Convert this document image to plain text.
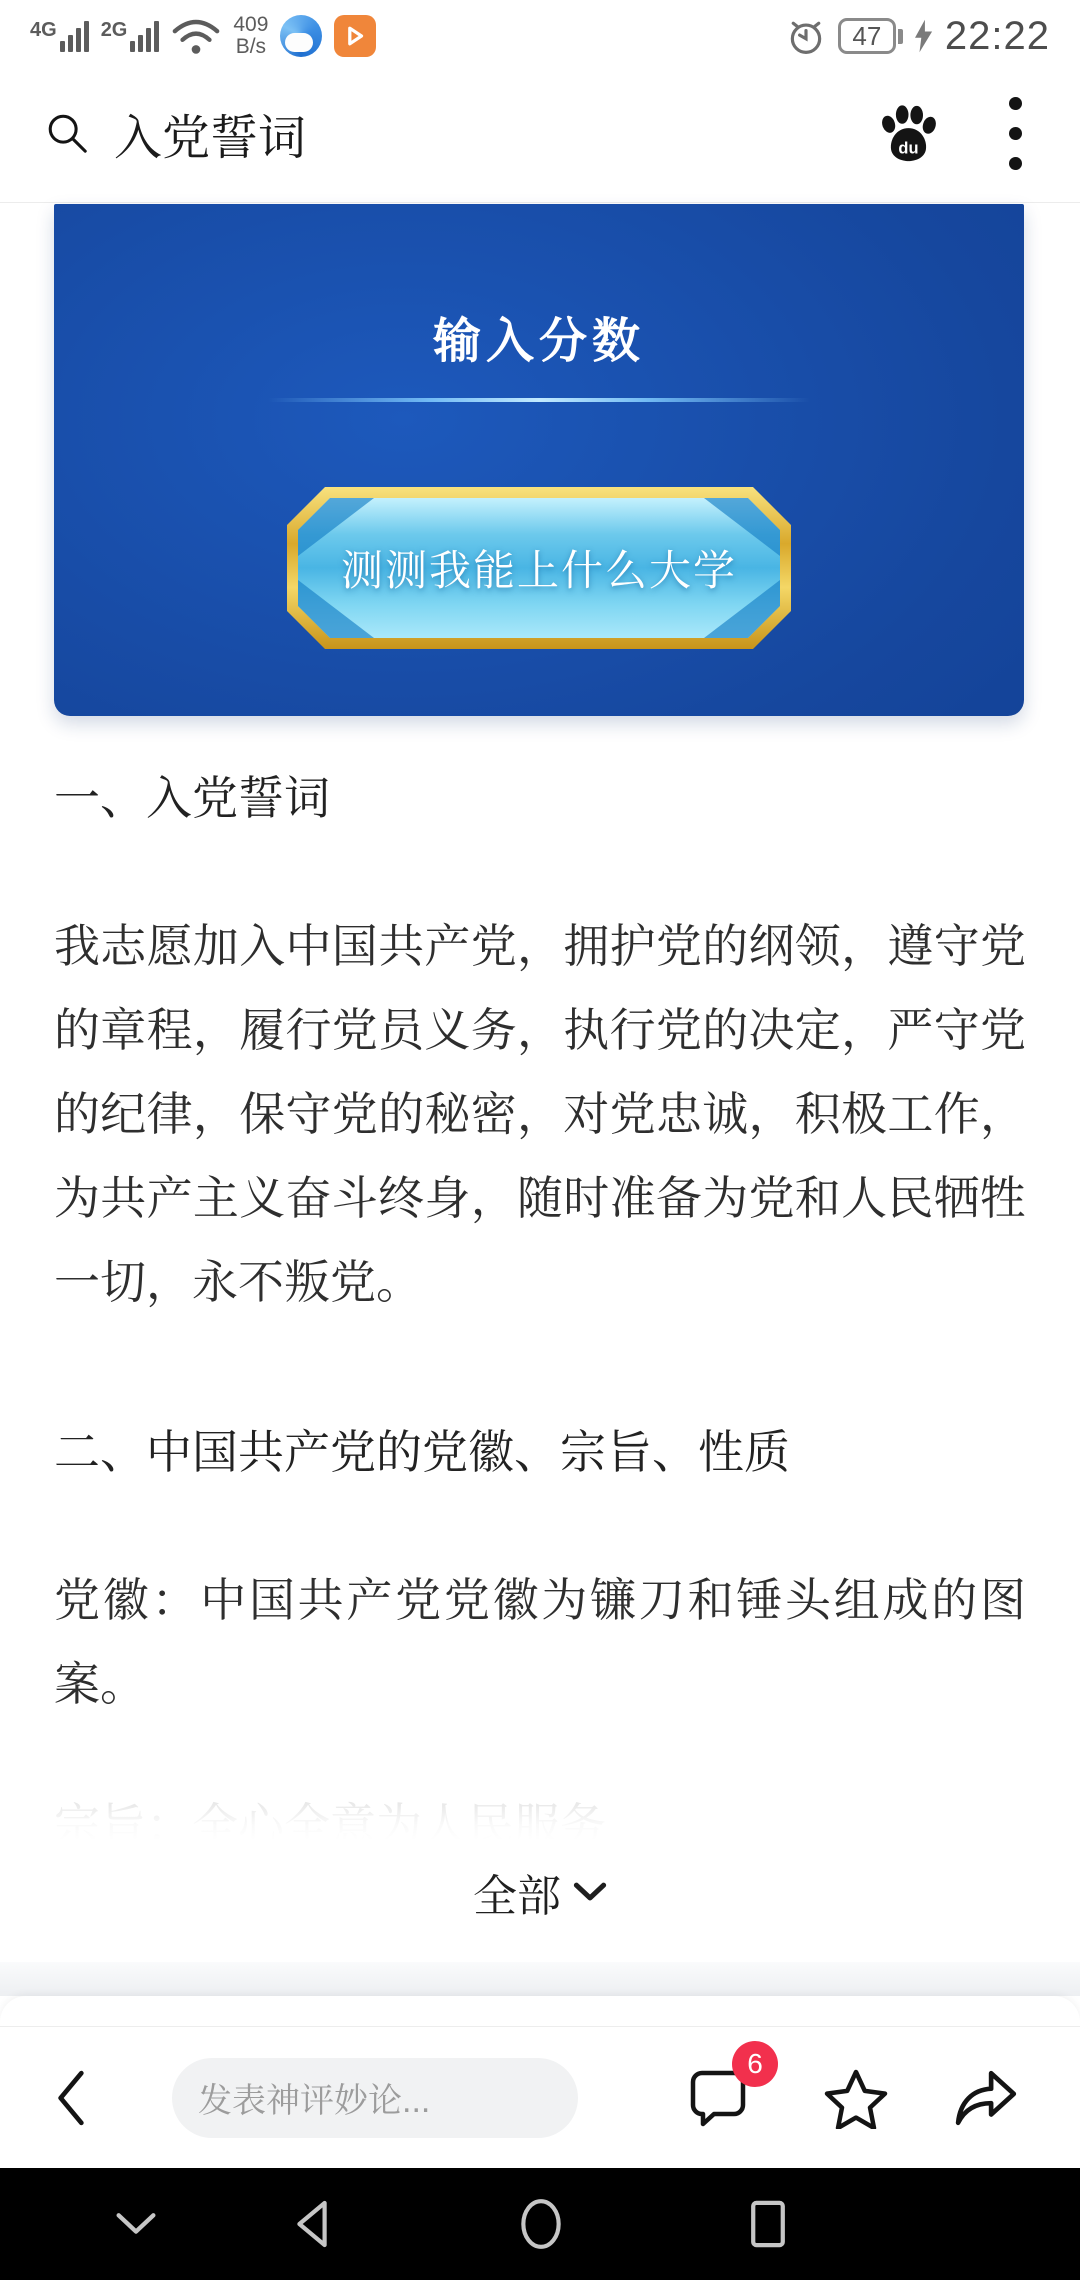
4G 2G	409
B/s	47	22:22
入党誓词	du
输入分数
测测我能上什么大学
一、入党誓词

我志愿加入中国共产党，拥护党的纲领，遵守党的章程，履行党员义务，执行党的决定，严守党的纪律，保守党的秘密，对党忠诚，积极工作，为共产主义奋斗终身，随时准备为党和人民牺牲一切，永不叛党。

二、中国共产党的党徽、宗旨、性质

党徽：中国共产党党徽为镰刀和锤头组成的图案。

全部
发表神评妙论...
6
